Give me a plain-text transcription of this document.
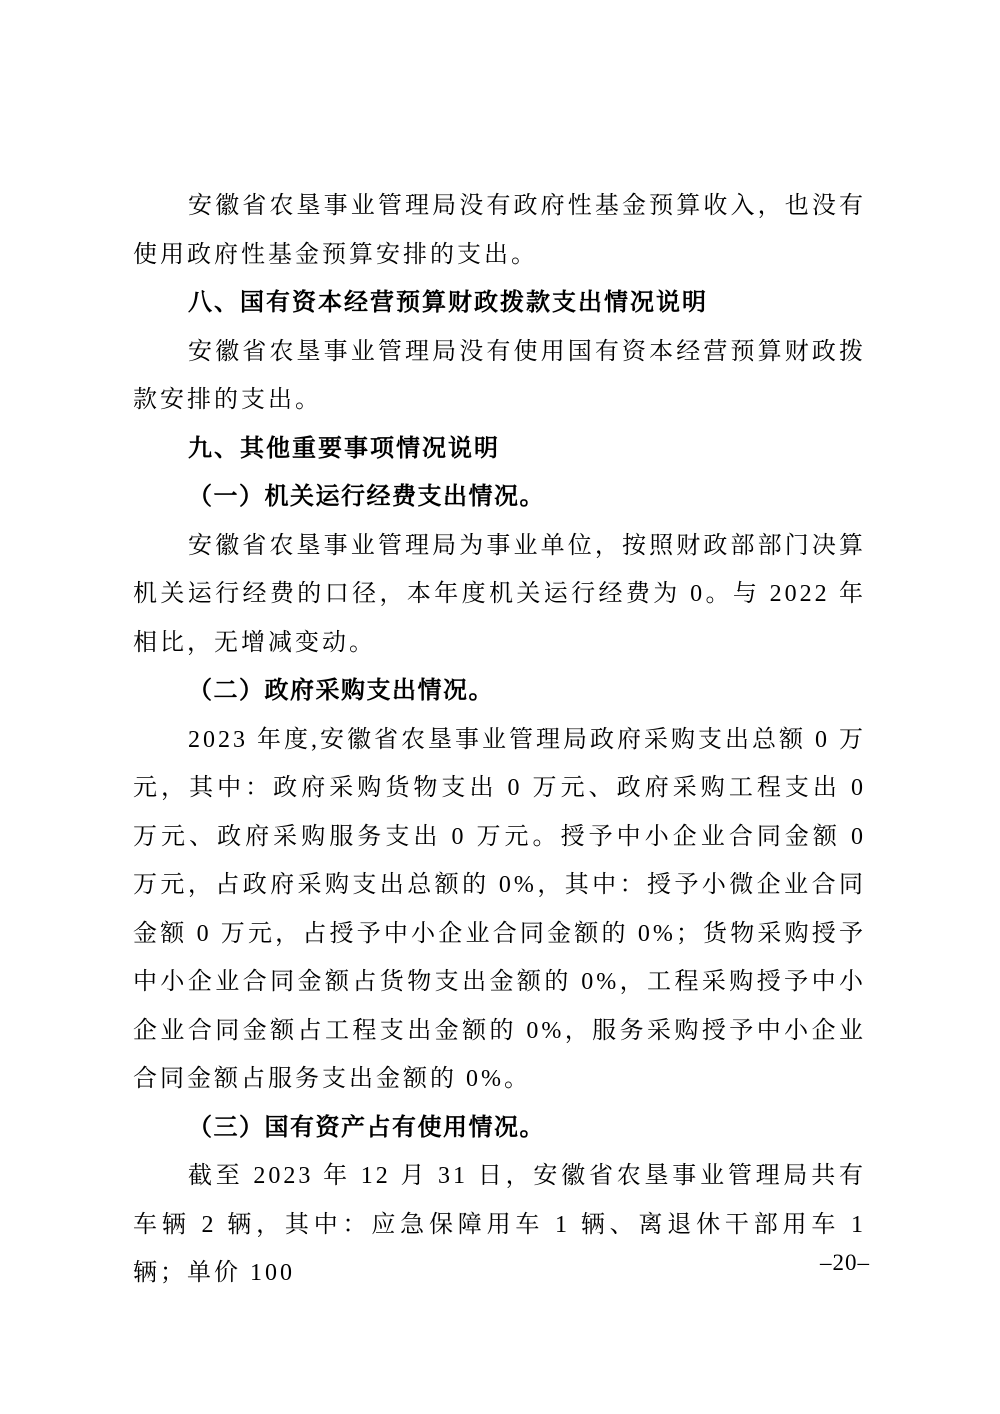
安徽省农垦事业管理局没有政府性基金预算收入，也没有使用政府性基金预算安排的支出。

八、国有资本经营预算财政拨款支出情况说明

安徽省农垦事业管理局没有使用国有资本经营预算财政拨款安排的支出。

九、其他重要事项情况说明

（一）机关运行经费支出情况。

安徽省农垦事业管理局为事业单位，按照财政部部门决算机关运行经费的口径，本年度机关运行经费为 0。与 2022 年相比，无增减变动。

（二）政府采购支出情况。

2023 年度,安徽省农垦事业管理局政府采购支出总额 0 万元，其中：政府采购货物支出 0 万元、政府采购工程支出 0 万元、政府采购服务支出 0 万元。授予中小企业合同金额 0 万元，占政府采购支出总额的 0%，其中：授予小微企业合同金额 0 万元，占授予中小企业合同金额的 0%；货物采购授予中小企业合同金额占货物支出金额的 0%，工程采购授予中小企业合同金额占工程支出金额的 0%，服务采购授予中小企业合同金额占服务支出金额的 0%。

（三）国有资产占有使用情况。

截至 2023 年 12 月 31 日，安徽省农垦事业管理局共有车辆 2 辆，其中：应急保障用车 1 辆、离退休干部用车 1 辆；单价 100	–20–
